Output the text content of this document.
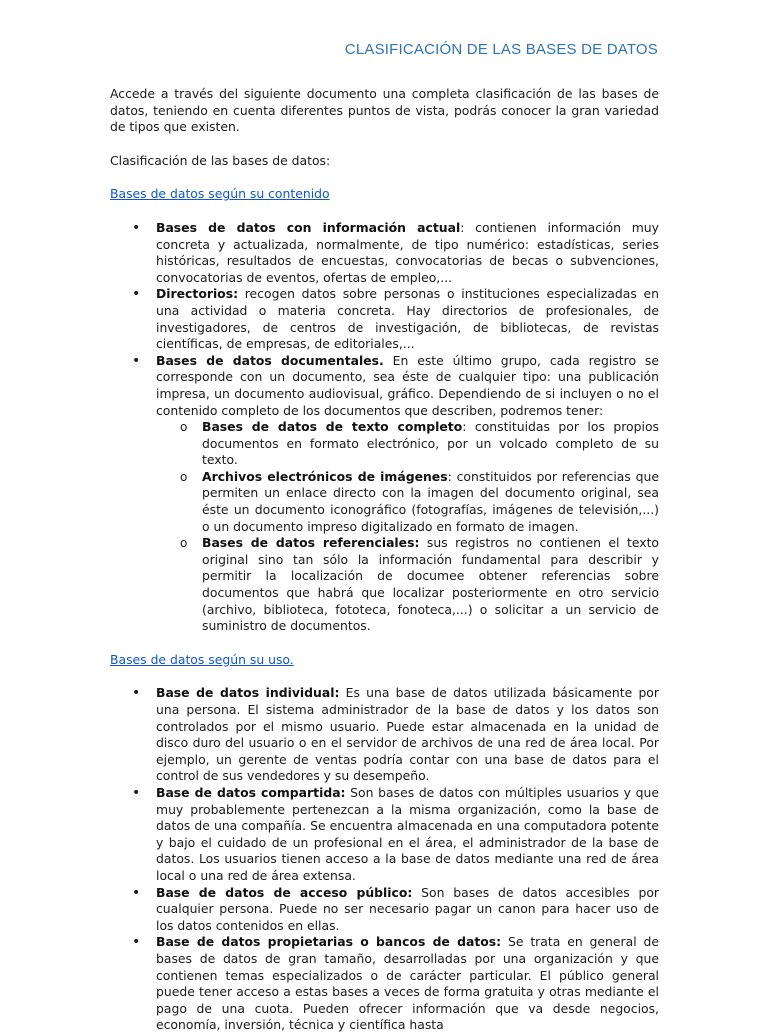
CLASIFICACIÓN DE LAS BASES DE DATOS

Accede a través del siguiente documento una completa clasificación de las bases de datos, teniendo en cuenta diferentes puntos de vista, podrás conocer la gran variedad de tipos que existen.

Clasificación de las bases de datos:

Bases de datos según su contenido

• Bases de datos con información actual: contienen información muy concreta y actualizada, normalmente, de tipo numérico: estadísticas, series históricas, resultados de encuestas, convocatorias de becas o subvenciones, convocatorias de eventos, ofertas de empleo,...
• Directorios: recogen datos sobre personas o instituciones especializadas en una actividad o materia concreta. Hay directorios de profesionales, de investigadores, de centros de investigación, de bibliotecas, de revistas científicas, de empresas, de editoriales,...
• Bases de datos documentales. En este último grupo, cada registro se corresponde con un documento, sea éste de cualquier tipo: una publicación impresa, un documento audiovisual, gráfico. Dependiendo de si incluyen o no el contenido completo de los documentos que describen, podremos tener:
o Bases de datos de texto completo: constituidas por los propios documentos en formato electrónico, por un volcado completo de su texto.
o Archivos electrónicos de imágenes: constituidos por referencias que permiten un enlace directo con la imagen del documento original, sea éste un documento iconográfico (fotografías, imágenes de televisión,...) o un documento impreso digitalizado en formato de imagen.
o Bases de datos referenciales: sus registros no contienen el texto original sino tan sólo la información fundamental para describir y permitir la localización de documee obtener referencias sobre documentos que habrá que localizar posteriormente en otro servicio (archivo, biblioteca, fototeca, fonoteca,...) o solicitar a un servicio de suministro de documentos.

Bases de datos según su uso.

• Base de datos individual: Es una base de datos utilizada básicamente por una persona. El sistema administrador de la base de datos y los datos son controlados por el mismo usuario. Puede estar almacenada en la unidad de disco duro del usuario o en el servidor de archivos de una red de área local. Por ejemplo, un gerente de ventas podría contar con una base de datos para el control de sus vendedores y su desempeño.
• Base de datos compartida: Son bases de datos con múltiples usuarios y que muy probablemente pertenezcan a la misma organización, como la base de datos de una compañía. Se encuentra almacenada en una computadora potente y bajo el cuidado de un profesional en el área, el administrador de la base de datos. Los usuarios tienen acceso a la base de datos mediante una red de área local o una red de área extensa.
• Base de datos de acceso público: Son bases de datos accesibles por cualquier persona. Puede no ser necesario pagar un canon para hacer uso de los datos contenidos en ellas.
• Base de datos propietarias o bancos de datos: Se trata en general de bases de datos de gran tamaño, desarrolladas por una organización y que contienen temas especializados o de carácter particular. El público general puede tener acceso a estas bases a veces de forma gratuita y otras mediante el pago de una cuota. Pueden ofrecer información que va desde negocios, economía, inversión, técnica y científica hasta
